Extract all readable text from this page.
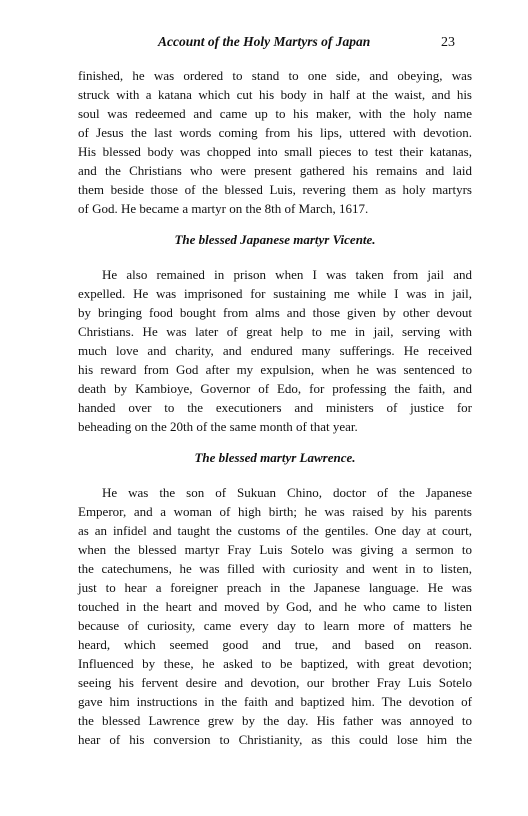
Account of the Holy Martyrs of Japan	23

finished, he was ordered to stand to one side, and obeying, was
struck with a katana which cut his body in half at the waist, and his
soul was redeemed and came up to his maker, with the holy name
of Jesus the last words coming from his lips, uttered with devotion.
His blessed body was chopped into small pieces to test their katanas,
and the Christians who were present gathered his remains and laid
them beside those of the blessed Luis, revering them as holy martyrs
of God. He became a martyr on the 8th of March, 1617.

The blessed Japanese martyr Vicente.

He also remained in prison when I was taken from jail and
expelled. He was imprisoned for sustaining me while I was in jail,
by bringing food bought from alms and those given by other devout
Christians. He was later of great help to me in jail, serving with
much love and charity, and endured many sufferings. He received
his reward from God after my expulsion, when he was sentenced to
death by Kambioye, Governor of Edo, for professing the faith, and
handed over to the executioners and ministers of justice for
beheading on the 20th of the same month of that year.

The blessed martyr Lawrence.

He was the son of Sukuan Chino, doctor of the Japanese
Emperor, and a woman of high birth; he was raised by his parents
as an infidel and taught the customs of the gentiles. One day at court,
when the blessed martyr Fray Luis Sotelo was giving a sermon to
the catechumens, he was filled with curiosity and went in to listen,
just to hear a foreigner preach in the Japanese language. He was
touched in the heart and moved by God, and he who came to listen
because of curiosity, came every day to learn more of matters he
heard, which seemed good and true, and based on reason.
Influenced by these, he asked to be baptized, with great devotion;
seeing his fervent desire and devotion, our brother Fray Luis Sotelo
gave him instructions in the faith and baptized him. The devotion of
the blessed Lawrence grew by the day. His father was annoyed to
hear of his conversion to Christianity, as this could lose him the
